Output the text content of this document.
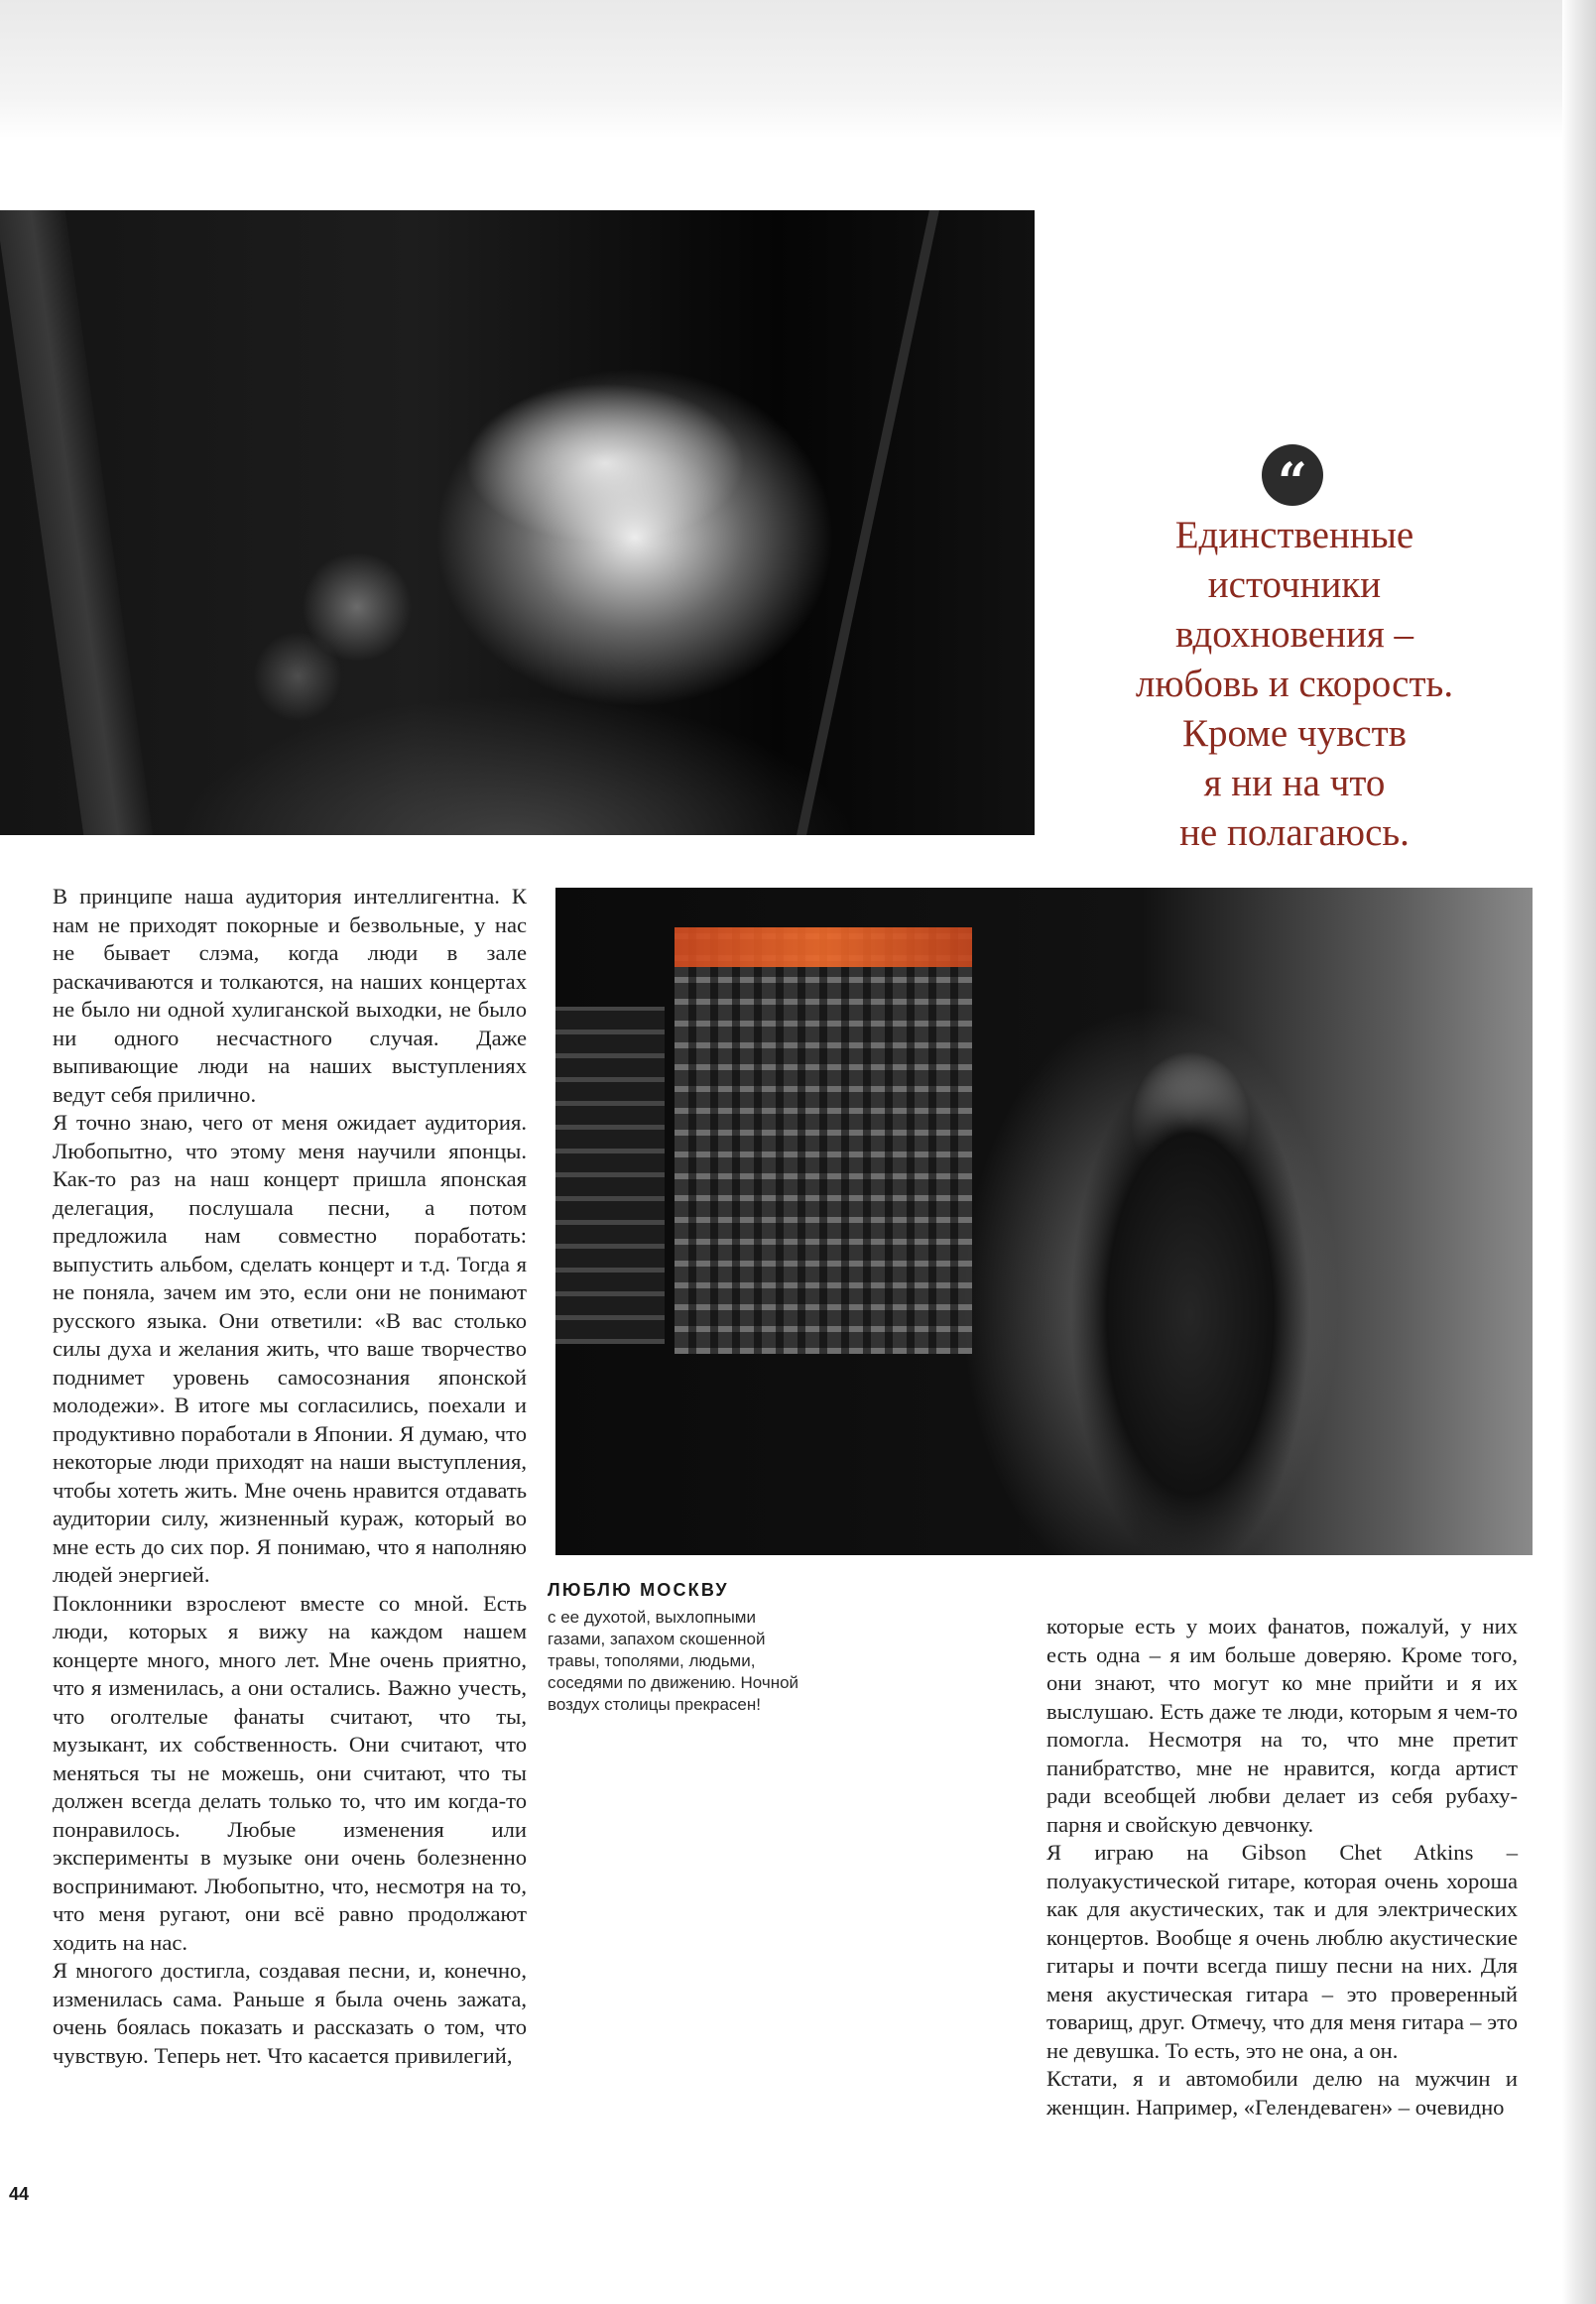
“
Единственные
источники
вдохновения –
любовь и скорость.
Кроме чувств
я ни на что
не полагаюсь.

В принципе наша аудитория интеллигентна. К нам не приходят покорные и безвольные, у нас не бывает слэма, когда люди в зале раскачиваются и толкаются, на наших концертах не было ни одной хулиганской выходки, не было ни одного несчастного случая. Даже выпивающие люди на наших выступлениях ведут себя прилично.

Я точно знаю, чего от меня ожидает аудитория. Любопытно, что этому меня научили японцы. Как-то раз на наш концерт пришла японская делегация, послушала песни, а потом предложила нам совместно поработать: выпустить альбом, сделать концерт и т.д. Тогда я не поняла, зачем им это, если они не понимают русского языка. Они ответили: «В вас столько силы духа и желания жить, что ваше творчество поднимет уровень самосознания японской молодежи». В итоге мы согласились, поехали и продуктивно поработали в Японии. Я думаю, что некоторые люди приходят на наши выступления, чтобы хотеть жить. Мне очень нравится отдавать аудитории силу, жизненный кураж, который во мне есть до сих пор. Я понимаю, что я наполняю людей энергией.

Поклонники взрослеют вместе со мной. Есть люди, которых я вижу на каждом нашем концерте много, много лет. Мне очень приятно, что я изменилась, а они остались. Важно учесть, что оголтелые фанаты считают, что ты, музыкант, их собственность. Они считают, что меняться ты не можешь, они считают, что ты должен всегда делать только то, что им когда-то понравилось. Любые изменения или эксперименты в музыке они очень болезненно воспринимают. Любопытно, что, несмотря на то, что меня ругают, они всё равно продолжают ходить на нас.

Я многого достигла, создавая песни, и, конечно, изменилась сама. Раньше я была очень зажата, очень боялась показать и рассказать о том, что чувствую. Теперь нет. Что касается привилегий,

ЛЮБЛЮ МОСКВУ
с ее духотой, выхлопными газами, запахом скошенной травы, тополями, людьми, соседями по движению. Ночной воздух столицы прекрасен!

которые есть у моих фанатов, пожалуй, у них есть одна – я им больше доверяю. Кроме того, они знают, что могут ко мне прийти и я их выслушаю. Есть даже те люди, которым я чем-то помогла. Несмотря на то, что мне претит панибратство, мне не нравится, когда артист ради всеобщей любви делает из себя рубаху-парня и свойскую девчонку.

Я играю на Gibson Chet Atkins – полуакустической гитаре, которая очень хороша как для акустических, так и для электрических концертов. Вообще я очень люблю акустические гитары и почти всегда пишу песни на них. Для меня акустическая гитара – это проверенный товарищ, друг. Отмечу, что для меня гитара – это не девушка. То есть, это не она, а он.

Кстати, я и автомобили делю на мужчин и женщин. Например, «Гелендеваген» – очевидно

44
